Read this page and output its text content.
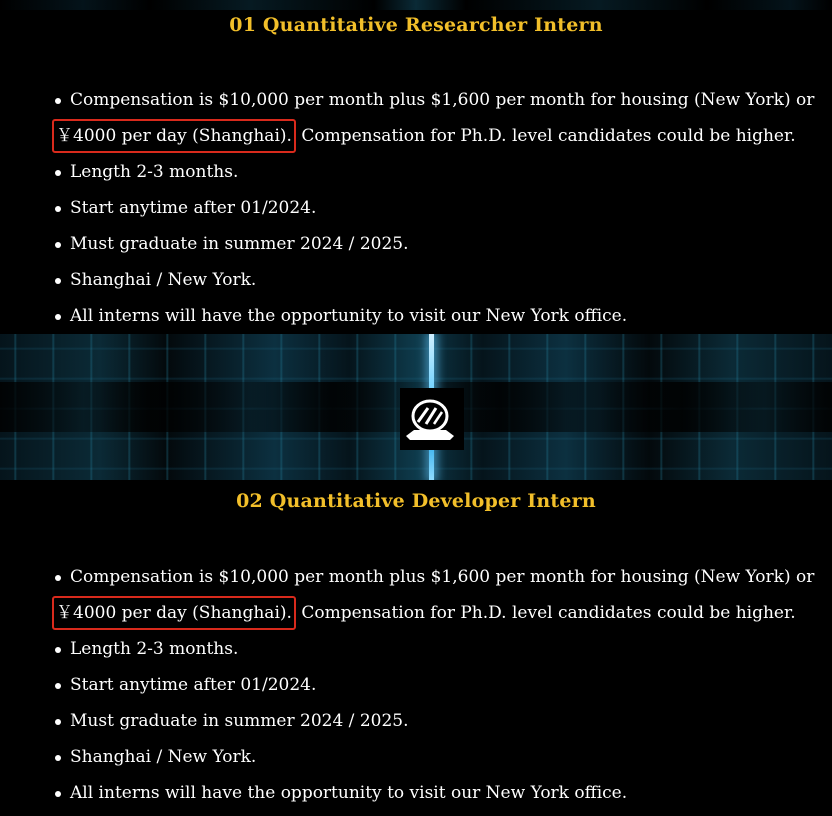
01 Quantitative Researcher Intern
Compensation is $10,000 per month plus $1,600 per month for housing (New York) or
￥4000 per day (Shanghai). Compensation for Ph.D. level candidates could be higher.
Length 2-3 months.
Start anytime after 01/2024.
Must graduate in summer 2024 / 2025.
Shanghai / New York.
All interns will have the opportunity to visit our New York office.
02 Quantitative Developer Intern
Compensation is $10,000 per month plus $1,600 per month for housing (New York) or
￥4000 per day (Shanghai). Compensation for Ph.D. level candidates could be higher.
Length 2-3 months.
Start anytime after 01/2024.
Must graduate in summer 2024 / 2025.
Shanghai / New York.
All interns will have the opportunity to visit our New York office.
